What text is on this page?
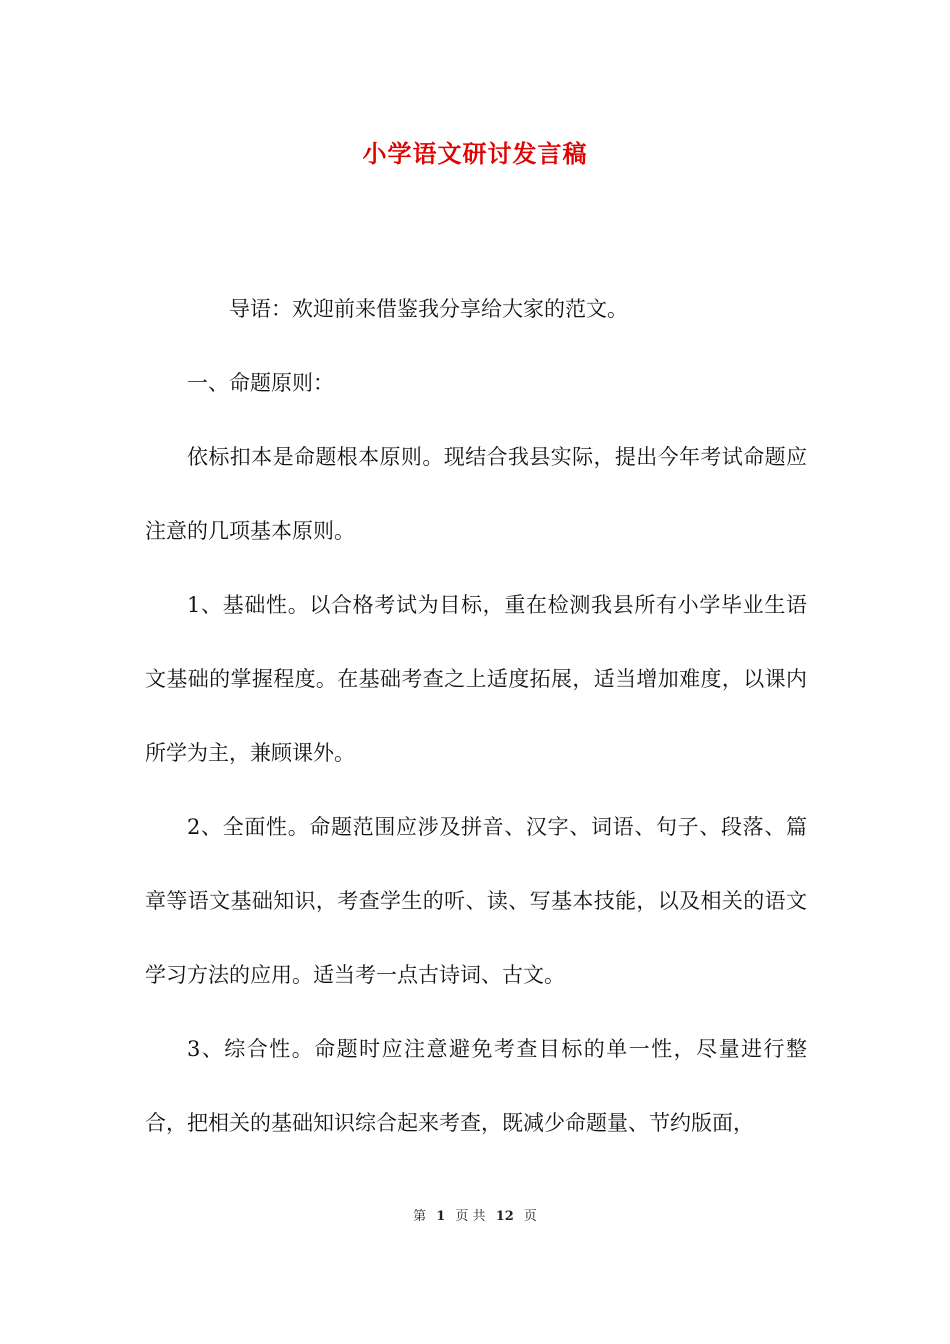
小学语文研讨发言稿

导语：欢迎前来借鉴我分享给大家的范文。

一、命题原则：

依标扣本是命题根本原则。现结合我县实际，提出今年考试命题应注意的几项基本原则。

1、基础性。以合格考试为目标，重在检测我县所有小学毕业生语文基础的掌握程度。在基础考查之上适度拓展，适当增加难度，以课内所学为主，兼顾课外。

2、全面性。命题范围应涉及拼音、汉字、词语、句子、段落、篇章等语文基础知识，考查学生的听、读、写基本技能，以及相关的语文学习方法的应用。适当考一点古诗词、古文。

3、综合性。命题时应注意避免考查目标的单一性，尽量进行整合，把相关的基础知识综合起来考查，既减少命题量、节约版面，

第 1 页 共 12 页
